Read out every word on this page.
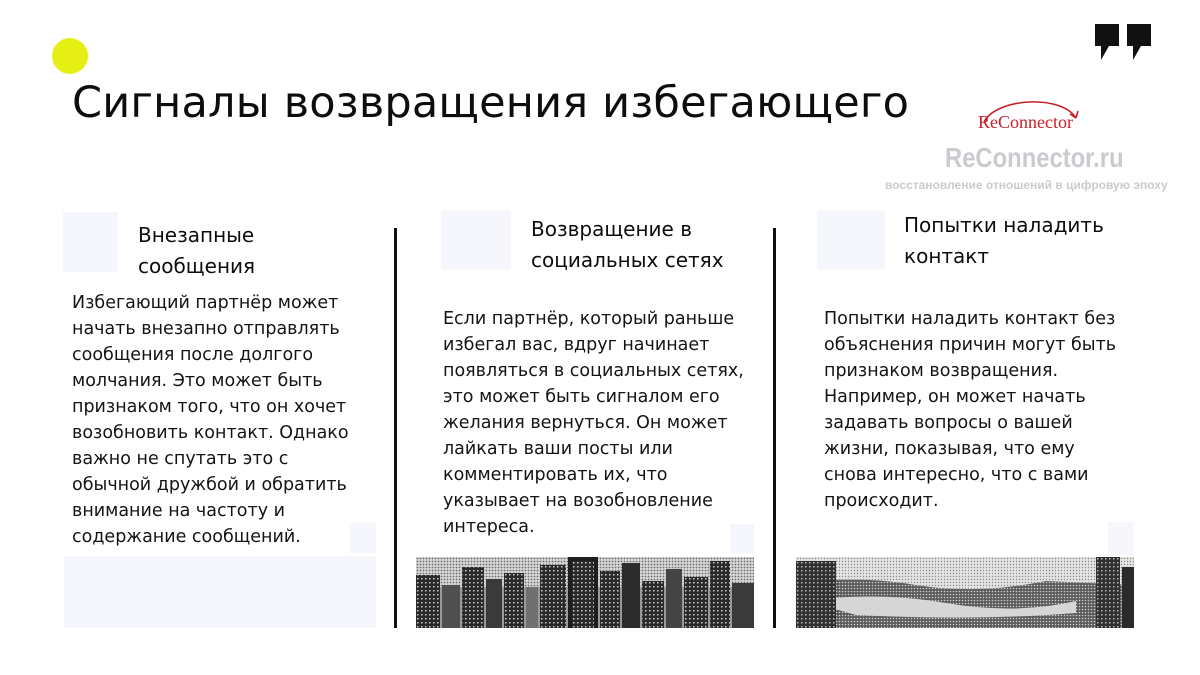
Сигналы возвращения избегающего	ReConnector
ReConnector.ru
восстановление отношений в цифровую эпоху
Внезапные
сообщения

Избегающий партнёр может
начать внезапно отправлять
сообщения после долгого
молчания. Это может быть
признаком того, что он хочет
возобновить контакт. Однако
важно не спутать это с
обычной дружбой и обратить
внимание на частоту и
содержание сообщений.

Возвращение в
социальных сетях

Если партнёр, который раньше
избегал вас, вдруг начинает
появляться в социальных сетях,
это может быть сигналом его
желания вернуться. Он может
лайкать ваши посты или
комментировать их, что
указывает на возобновление
интереса.

Попытки наладить
контакт

Попытки наладить контакт без
объяснения причин могут быть
признаком возвращения.
Например, он может начать
задавать вопросы о вашей
жизни, показывая, что ему
снова интересно, что с вами
происходит.
